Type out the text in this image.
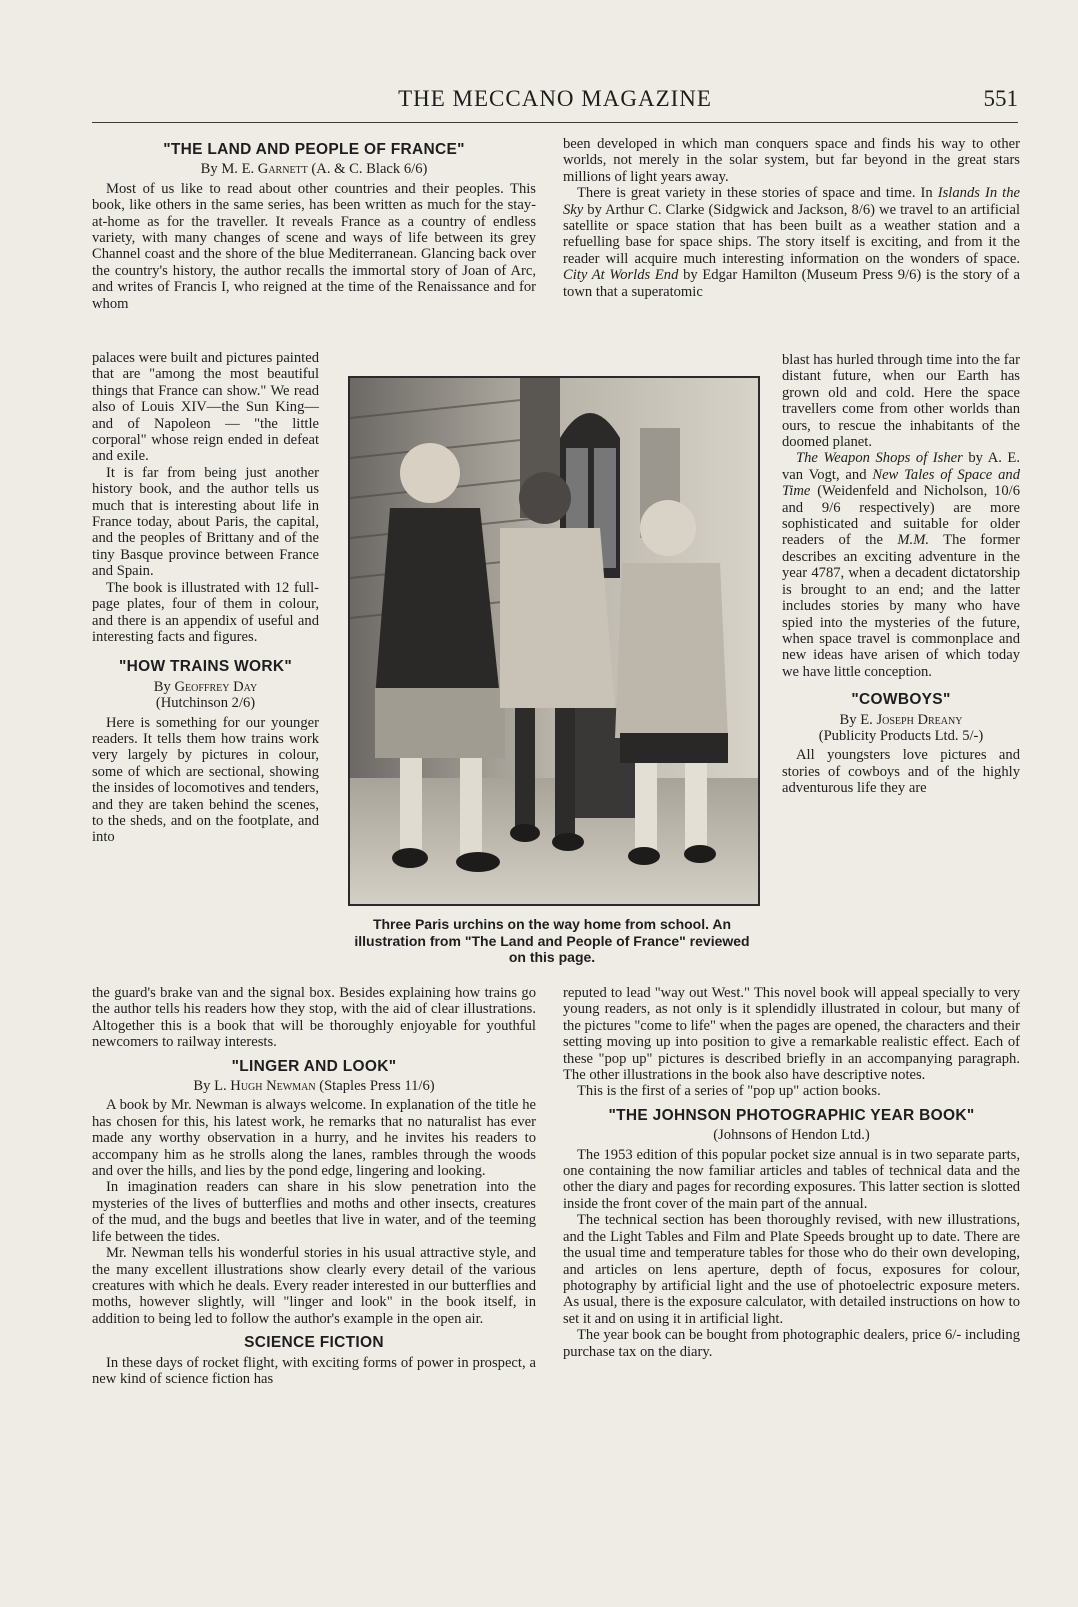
THE MECCANO MAGAZINE	551
"THE LAND AND PEOPLE OF FRANCE"

By M. E. Garnett (A. & C. Black 6/6)

Most of us like to read about other countries and their peoples. This book, like others in the same series, has been written as much for the stay-at-home as for the traveller. It reveals France as a country of endless variety, with many changes of scene and ways of life between its grey Channel coast and the shore of the blue Mediterranean. Glancing back over the country's history, the author recalls the immortal story of Joan of Arc, and writes of Francis I, who reigned at the time of the Renaissance and for whom

palaces were built and pictures painted that are "among the most beautiful things that France can show." We read also of Louis XIV—the Sun King—and of Napoleon — "the little corporal" whose reign ended in defeat and exile.

It is far from being just another history book, and the author tells us much that is interesting about life in France today, about Paris, the capital, and the peoples of Brittany and of the tiny Basque province between France and Spain.

The book is illustrated with 12 full-page plates, four of them in colour, and there is an appendix of useful and interesting facts and figures.

"HOW TRAINS WORK"

By Geoffrey Day

(Hutchinson 2/6)

Here is something for our younger readers. It tells them how trains work very largely by pictures in colour, some of which are sectional, showing the insides of locomotives and tenders, and they are taken behind the scenes, to the sheds, and on the footplate, and into

been developed in which man conquers space and finds his way to other worlds, not merely in the solar system, but far beyond in the great stars millions of light years away.

There is great variety in these stories of space and time. In Islands In the Sky by Arthur C. Clarke (Sidgwick and Jackson, 8/6) we travel to an artificial satellite or space station that has been built as a weather station and a refuelling base for space ships. The story itself is exciting, and from it the reader will acquire much interesting information on the wonders of space. City At Worlds End by Edgar Hamilton (Museum Press 9/6) is the story of a town that a superatomic

blast has hurled through time into the far distant future, when our Earth has grown old and cold. Here the space travellers come from other worlds than ours, to rescue the inhabitants of the doomed planet.

The Weapon Shops of Isher by A. E. van Vogt, and New Tales of Space and Time (Weidenfeld and Nicholson, 10/6 and 9/6 respectively) are more sophisticated and suitable for older readers of the M.M. The former describes an exciting adventure in the year 4787, when a decadent dictatorship is brought to an end; and the latter includes stories by many who have spied into the mysteries of the future, when space travel is commonplace and new ideas have arisen of which today we have little conception.

"COWBOYS"

By E. Joseph Dreany

(Publicity Products Ltd. 5/-)

All youngsters love pictures and stories of cowboys and of the highly adventurous life they are

Three Paris urchins on the way home from school. An illustration from "The Land and People of France" reviewed on this page.

the guard's brake van and the signal box. Besides explaining how trains go the author tells his readers how they stop, with the aid of clear illustrations. Altogether this is a book that will be thoroughly enjoyable for youthful newcomers to railway interests.

"LINGER AND LOOK"

By L. Hugh Newman (Staples Press 11/6)

A book by Mr. Newman is always welcome. In explanation of the title he has chosen for this, his latest work, he remarks that no naturalist has ever made any worthy observation in a hurry, and he invites his readers to accompany him as he strolls along the lanes, rambles through the woods and over the hills, and lies by the pond edge, lingering and looking.

In imagination readers can share in his slow penetration into the mysteries of the lives of butterflies and moths and other insects, creatures of the mud, and the bugs and beetles that live in water, and of the teeming life between the tides.

Mr. Newman tells his wonderful stories in his usual attractive style, and the many excellent illustrations show clearly every detail of the various creatures with which he deals. Every reader interested in our butterflies and moths, however slightly, will "linger and look" in the book itself, in addition to being led to follow the author's example in the open air.

SCIENCE FICTION

In these days of rocket flight, with exciting forms of power in prospect, a new kind of science fiction has

reputed to lead "way out West." This novel book will appeal specially to very young readers, as not only is it splendidly illustrated in colour, but many of the pictures "come to life" when the pages are opened, the characters and their setting moving up into position to give a remarkable realistic effect. Each of these "pop up" pictures is described briefly in an accompanying paragraph. The other illustrations in the book also have descriptive notes.

This is the first of a series of "pop up" action books.

"THE JOHNSON PHOTOGRAPHIC YEAR BOOK"

(Johnsons of Hendon Ltd.)

The 1953 edition of this popular pocket size annual is in two separate parts, one containing the now familiar articles and tables of technical data and the other the diary and pages for recording exposures. This latter section is slotted inside the front cover of the main part of the annual.

The technical section has been thoroughly revised, with new illustrations, and the Light Tables and Film and Plate Speeds brought up to date. There are the usual time and temperature tables for those who do their own developing, and articles on lens aperture, depth of focus, exposures for colour, photography by artificial light and the use of photoelectric exposure meters. As usual, there is the exposure calculator, with detailed instructions on how to set it and on using it in artificial light.

The year book can be bought from photographic dealers, price 6/- including purchase tax on the diary.
